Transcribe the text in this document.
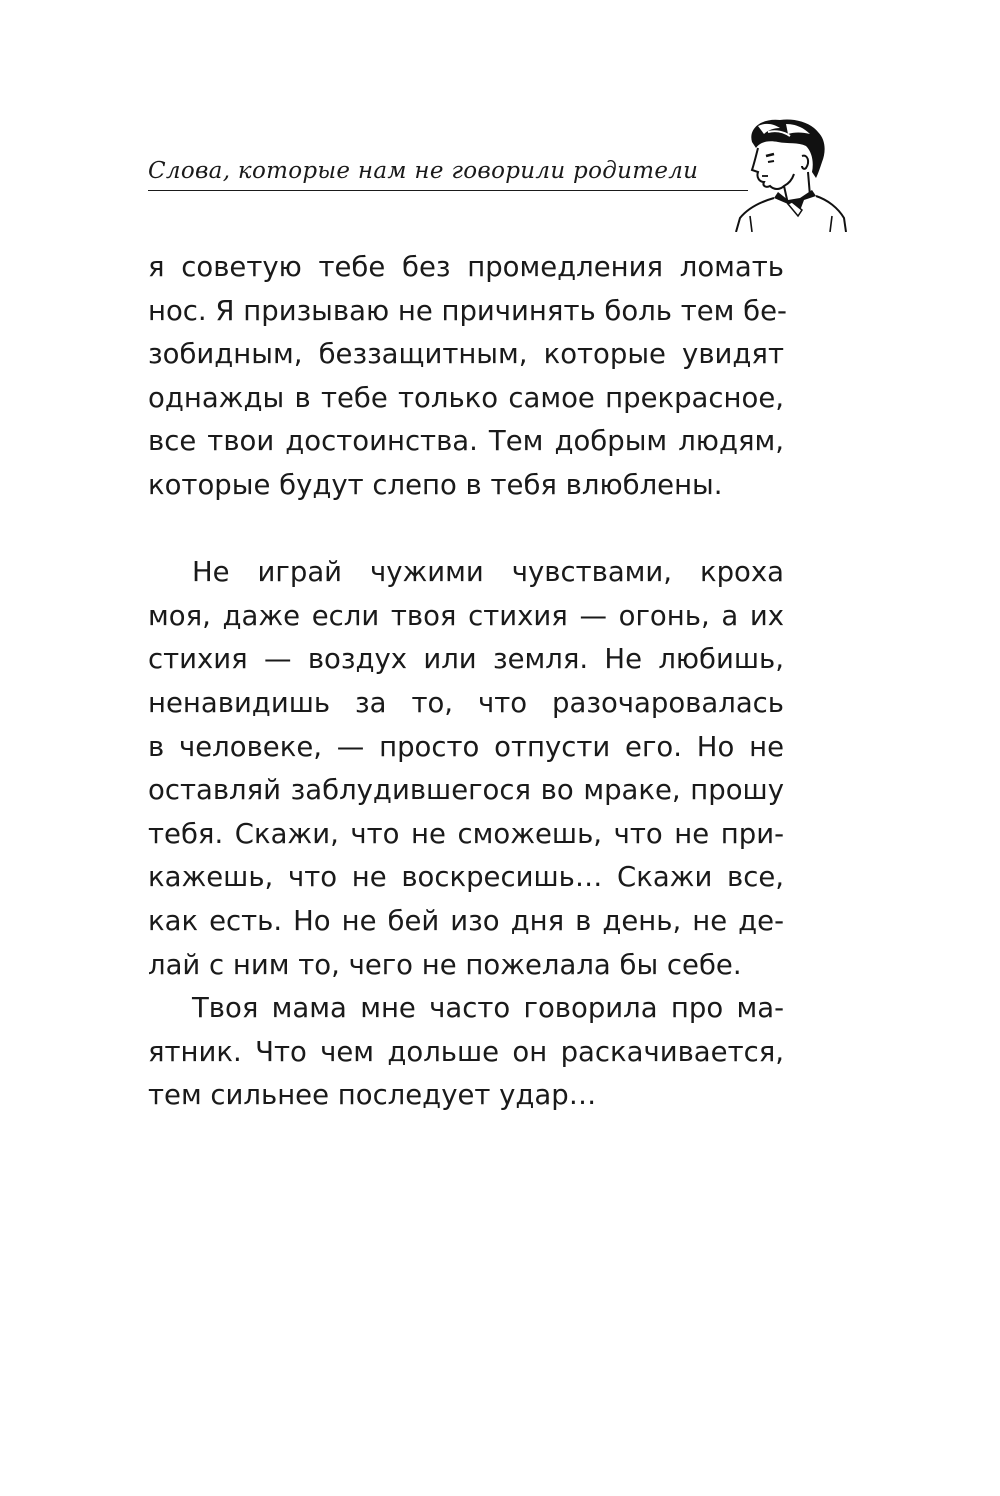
Слова, которые нам не говорили родители
я советую тебе без промедления ломать
нос. Я призываю не причинять боль тем бе-
зобидным, беззащитным, которые увидят
однажды в тебе только самое прекрасное,
все твои достоинства. Тем добрым людям,
которые будут слепо в тебя влюблены.
Не играй чужими чувствами, кроха
моя, даже если твоя стихия — огонь, а их
стихия — воздух или земля. Не любишь,
ненавидишь за то, что разочаровалась
в человеке, — просто отпусти его. Но не
оставляй заблудившегося во мраке, прошу
тебя. Скажи, что не сможешь, что не при-
кажешь, что не воскресишь… Скажи все,
как есть. Но не бей изо дня в день, не де-
лай с ним то, чего не пожелала бы себе.
Твоя мама мне часто говорила про ма-
ятник. Что чем дольше он раскачивается,
тем сильнее последует удар…
